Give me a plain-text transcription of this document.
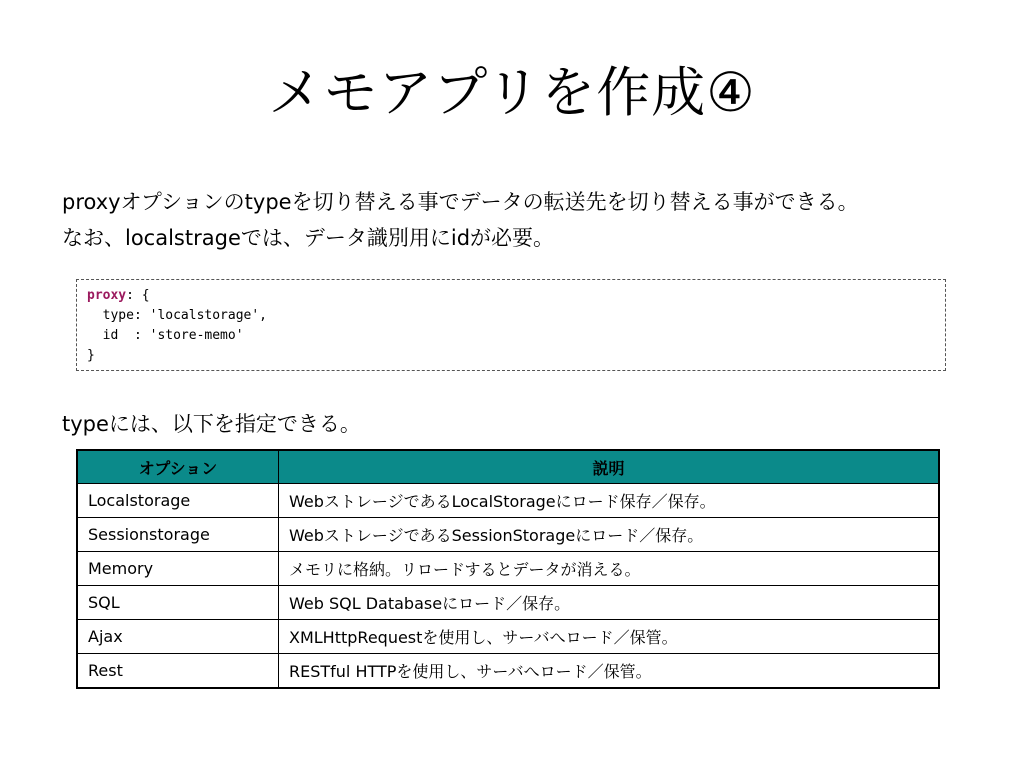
メモアプリを作成④
proxyオプションのtypeを切り替える事でデータの転送先を切り替える事ができる。
なお、localstrageでは、データ識別用にidが必要。
proxy: {
type: 'localstorage',
id  : 'store-memo'
}
typeには、以下を指定できる。
オプション	説明
Localstorage	WebストレージであるLocalStorageにロード保存／保存。
Sessionstorage	WebストレージであるSessionStorageにロード／保存。
Memory	メモリに格納。リロードするとデータが消える。
SQL	Web SQL Databaseにロード／保存。
Ajax	XMLHttpRequestを使用し、サーバへロード／保管。
Rest	RESTful HTTPを使用し、サーバへロード／保管。
